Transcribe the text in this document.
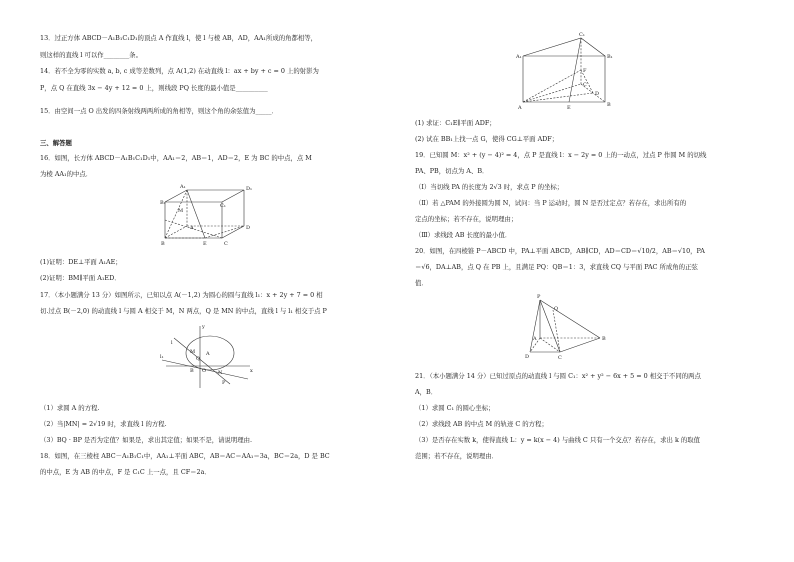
13．过正方体 ABCD－A₁B₁C₁D₁的顶点 A 作直线 l，使 l 与棱 AB，AD，AA₁所成的角都相等，
则这样的直线 l 可以作________条。
14．若不全为零的实数 a, b, c 成等差数列，点 A(1,2) 在动直线 l：ax + by + c = 0 上的射影为
P，点 Q 在直线 3x − 4y + 12 = 0 上，则线段 PQ 长度的最小值是__________
15．由空间一点 O 出发的四条射线两两所成的角相等，则这个角的余弦值为_____．
三、解答题
16．如图，长方体 ABCD－A₁B₁C₁D₁中，AA₁＝2，AB＝1，AD＝2，E 为 BC 的中点，点 M
为棱 AA₁的中点．
A₁
B₁	C₁
D₁
A
B	C
D
E
M
(1)证明：DE⊥平面 A₁AE；
(2)证明：BM∥平面 A₁ED．
17．（本小题满分 13 分）如图所示，已知以点 A(－1,2) 为圆心的圆与直线 l₁：x + 2y + 7 = 0 相
切.过点 B(－2,0) 的动直线 l 与圆 A 相交于 M，N 两点，Q 是 MN 的中点，直线 l 与 l₁ 相交于点 P
y
x
l
l₁
M
Q
A
N
B
P
O
（1）求圆 A 的方程.
（2）当|MN| = 2√19 时，求直线 l 的方程.
（3）BQ · BP 是否为定值？如果是，求出其定值；如果不是，请说明理由.
18．如图，在三棱柱 ABC－A₁B₁C₁中，AA₁⊥平面 ABC，AB＝AC＝AA₁＝3a，BC＝2a，D 是 BC
的中点，E 为 AB 的中点，F 是 C₁C 上一点，且 CF＝2a．
A₁	B₁
C₁
A	B
C
D
E
F
(1) 求证：C₁E∥平面 ADF；
(2) 试在 BB₁上找一点 G，使得 CG⊥平面 ADF；
19．已知圆 M：x² + (y − 4)² = 4，点 P 是直线 l：x − 2y = 0 上的一动点，过点 P 作圆 M 的切线
PA、PB，切点为 A、B．
（Ⅰ）当切线 PA 的长度为 2√3 时，求点 P 的坐标；
（Ⅱ）若 △PAM 的外接圆为圆 N，试问：当 P 运动时，圆 N 是否过定点？若存在，求出所有的
定点的坐标；若不存在，说明理由；
（Ⅲ）求线段 AB 长度的最小值．
20．如图，在四棱锥 P－ABCD 中，PA⊥平面 ABCD，AB∥CD，AD＝CD＝√10/2，AB＝√10，PA
＝√6，DA⊥AB，点 Q 在 PB 上，且满足 PQ：QB＝1：3，求直线 CQ 与平面 PAC 所成角的正弦
值．
P
A	B
C
D
Q
21．（本小题满分 14 分）已知过原点的动直线 l 与圆 C₁：x² + y² − 6x + 5 = 0 相交于不同的两点
A，B．
（1）求圆 C₁ 的圆心坐标；
（2）求线段 AB 的中点 M 的轨迹 C 的方程；
（3）是否存在实数 k，使得直线 L：y = k(x − 4) 与曲线 C 只有一个交点？若存在，求出 k 的取值
范围；若不存在，说明理由．
